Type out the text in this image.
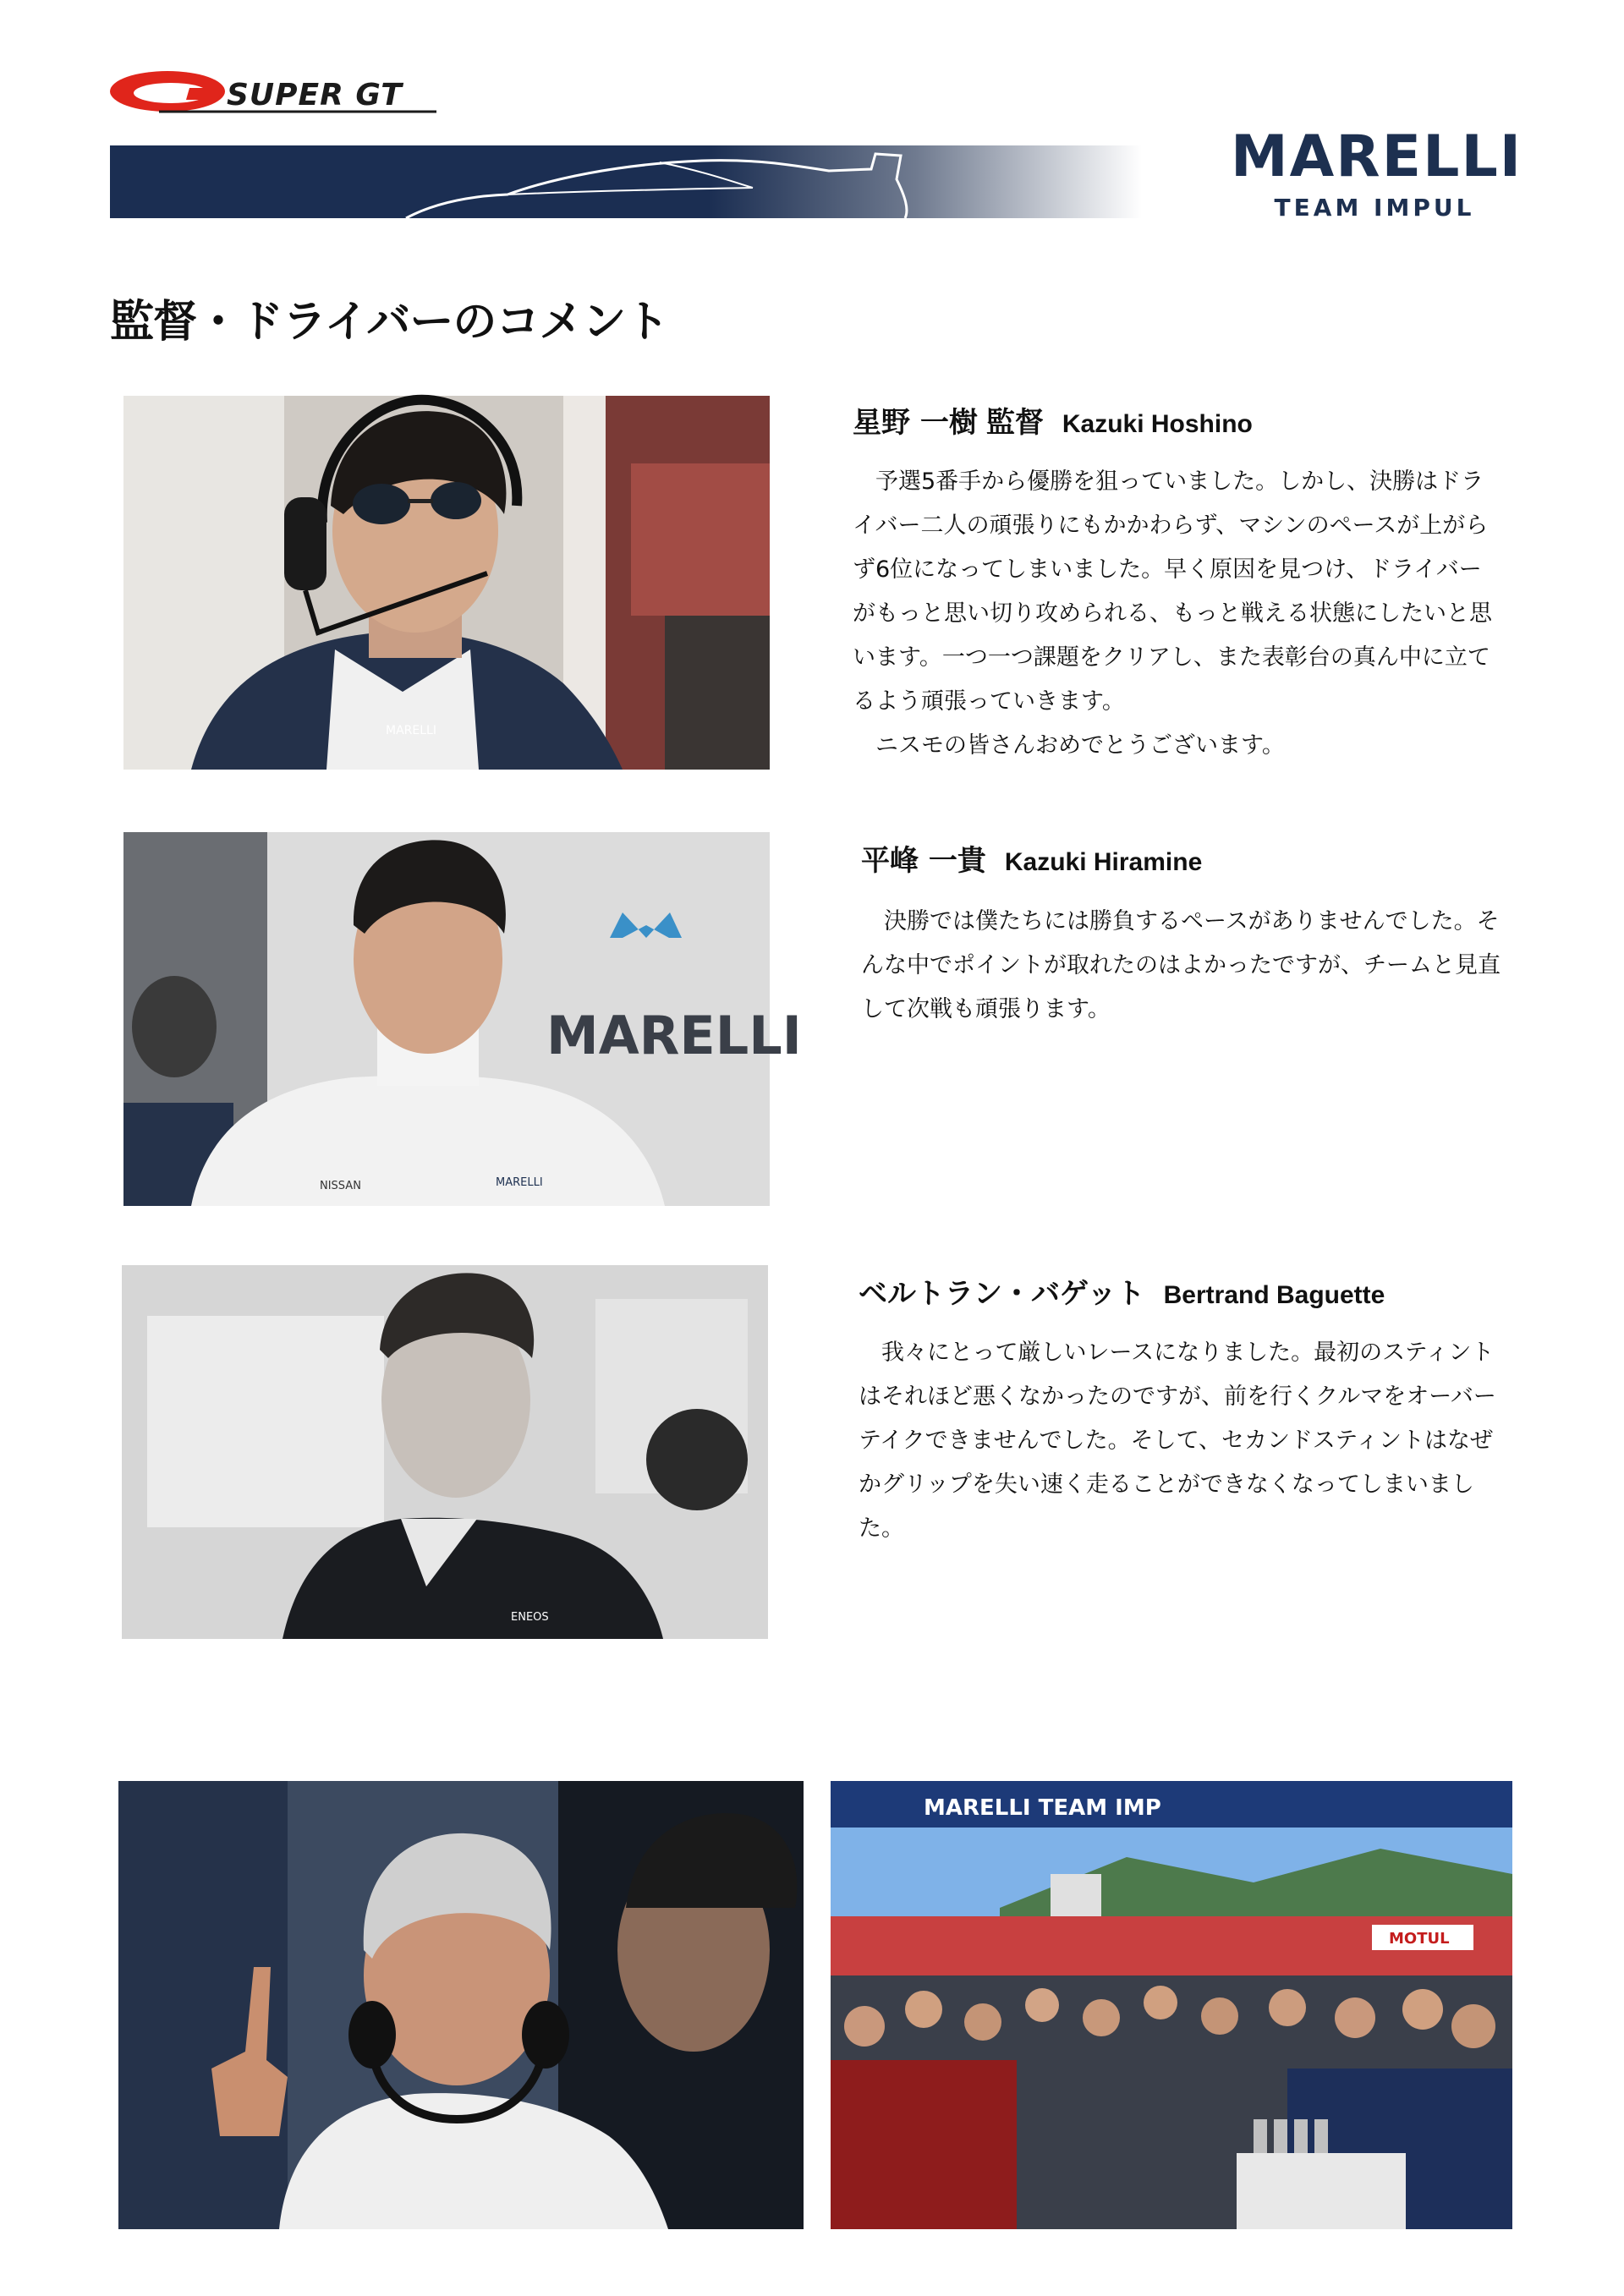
SUPER GT
MARELLI
TEAM IMPUL
監督・ドライバーのコメント
MARELLI
星野 一樹 監督 Kazuki Hoshino

予選5番手から優勝を狙っていました。しかし、決勝はドライバー二人の頑張りにもかかわらず、マシンのペースが上がらず6位になってしまいました。早く原因を見つけ、ドライバーがもっと思い切り攻められる、もっと戦える状態にしたいと思います。一つ一つ課題をクリアし、また表彰台の真ん中に立てるよう頑張っていきます。

ニスモの皆さんおめでとうございます。

MARELLI
MARELLI
NISSAN
平峰 一貴 Kazuki Hiramine

決勝では僕たちには勝負するペースがありませんでした。そんな中でポイントが取れたのはよかったですが、チームと見直して次戦も頑張ります。

ENEOS
ベルトラン・バゲット Bertrand Baguette

我々にとって厳しいレースになりました。最初のスティントはそれほど悪くなかったのですが、前を行くクルマをオーバーテイクできませんでした。そして、セカンドスティントはなぜかグリップを失い速く走ることができなくなってしまいました。

MARELLI TEAM IMP
MOTUL
